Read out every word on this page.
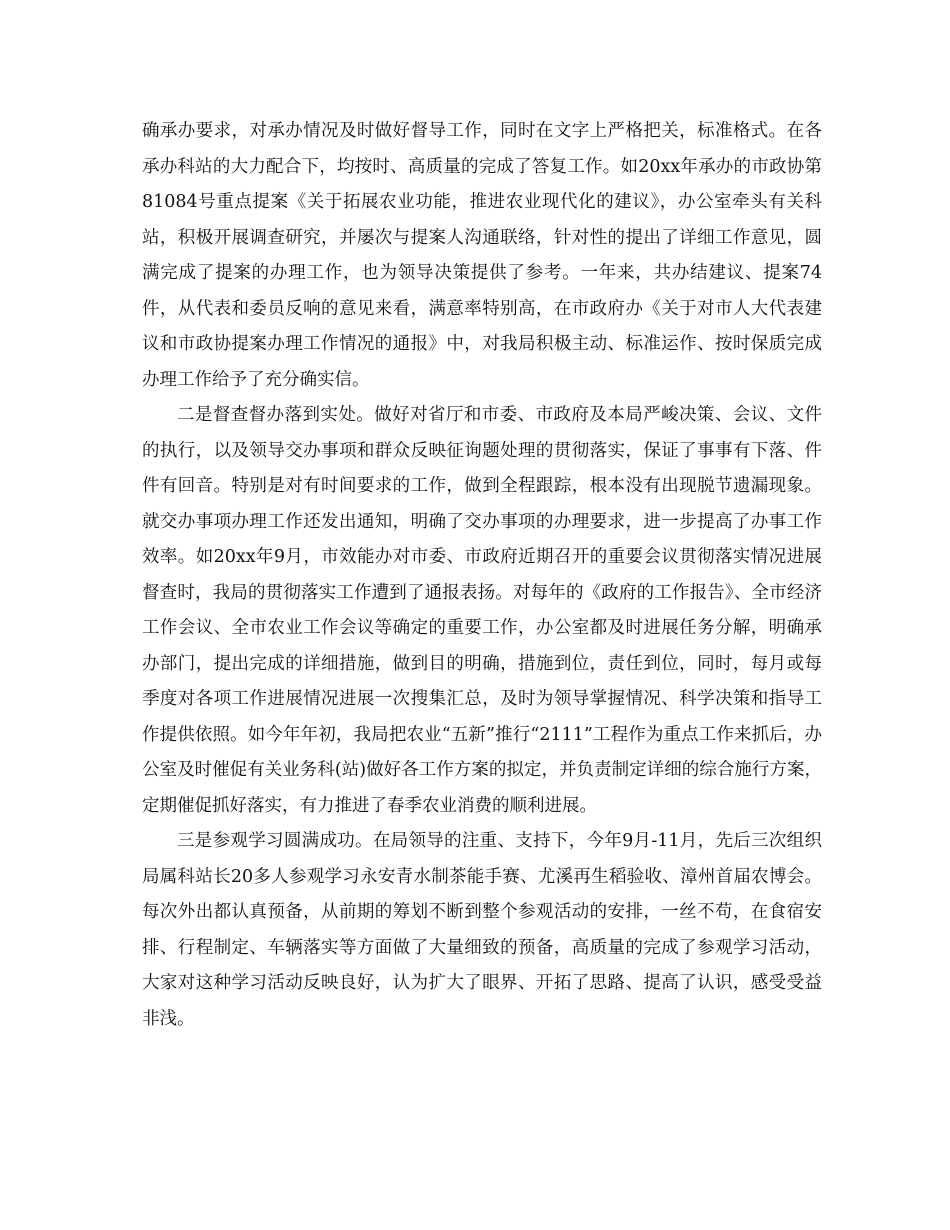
确承办要求，对承办情况及时做好督导工作，同时在文字上严格把关，标准格式。在各承办科站的大力配合下，均按时、高质量的完成了答复工作。如20xx年承办的市政协第81084号重点提案《关于拓展农业功能，推进农业现代化的建议》，办公室牵头有关科站，积极开展调查研究，并屡次与提案人沟通联络，针对性的提出了详细工作意见，圆满完成了提案的办理工作，也为领导决策提供了参考。一年来，共办结建议、提案74件，从代表和委员反响的意见来看，满意率特别高，在市政府办《关于对市人大代表建议和市政协提案办理工作情况的通报》中，对我局积极主动、标准运作、按时保质完成办理工作给予了充分确实信。

二是督查督办落到实处。做好对省厅和市委、市政府及本局严峻决策、会议、文件的执行，以及领导交办事项和群众反映征询题处理的贯彻落实，保证了事事有下落、件件有回音。特别是对有时间要求的工作，做到全程跟踪，根本没有出现脱节遗漏现象。就交办事项办理工作还发出通知，明确了交办事项的办理要求，进一步提高了办事工作效率。如20xx年9月，市效能办对市委、市政府近期召开的重要会议贯彻落实情况进展督查时，我局的贯彻落实工作遭到了通报表扬。对每年的《政府的工作报告》、全市经济工作会议、全市农业工作会议等确定的重要工作，办公室都及时进展任务分解，明确承办部门，提出完成的详细措施，做到目的明确，措施到位，责任到位，同时，每月或每季度对各项工作进展情况进展一次搜集汇总，及时为领导掌握情况、科学决策和指导工作提供依照。如今年年初，我局把农业“五新”推行“2111”工程作为重点工作来抓后，办公室及时催促有关业务科(站)做好各工作方案的拟定，并负责制定详细的综合施行方案，定期催促抓好落实，有力推进了春季农业消费的顺利进展。

三是参观学习圆满成功。在局领导的注重、支持下，今年9月-11月，先后三次组织局属科站长20多人参观学习永安青水制茶能手赛、尤溪再生稻验收、漳州首届农博会。每次外出都认真预备，从前期的筹划不断到整个参观活动的安排，一丝不苟，在食宿安排、行程制定、车辆落实等方面做了大量细致的预备，高质量的完成了参观学习活动，大家对这种学习活动反映良好，认为扩大了眼界、开拓了思路、提高了认识，感受受益非浅。
